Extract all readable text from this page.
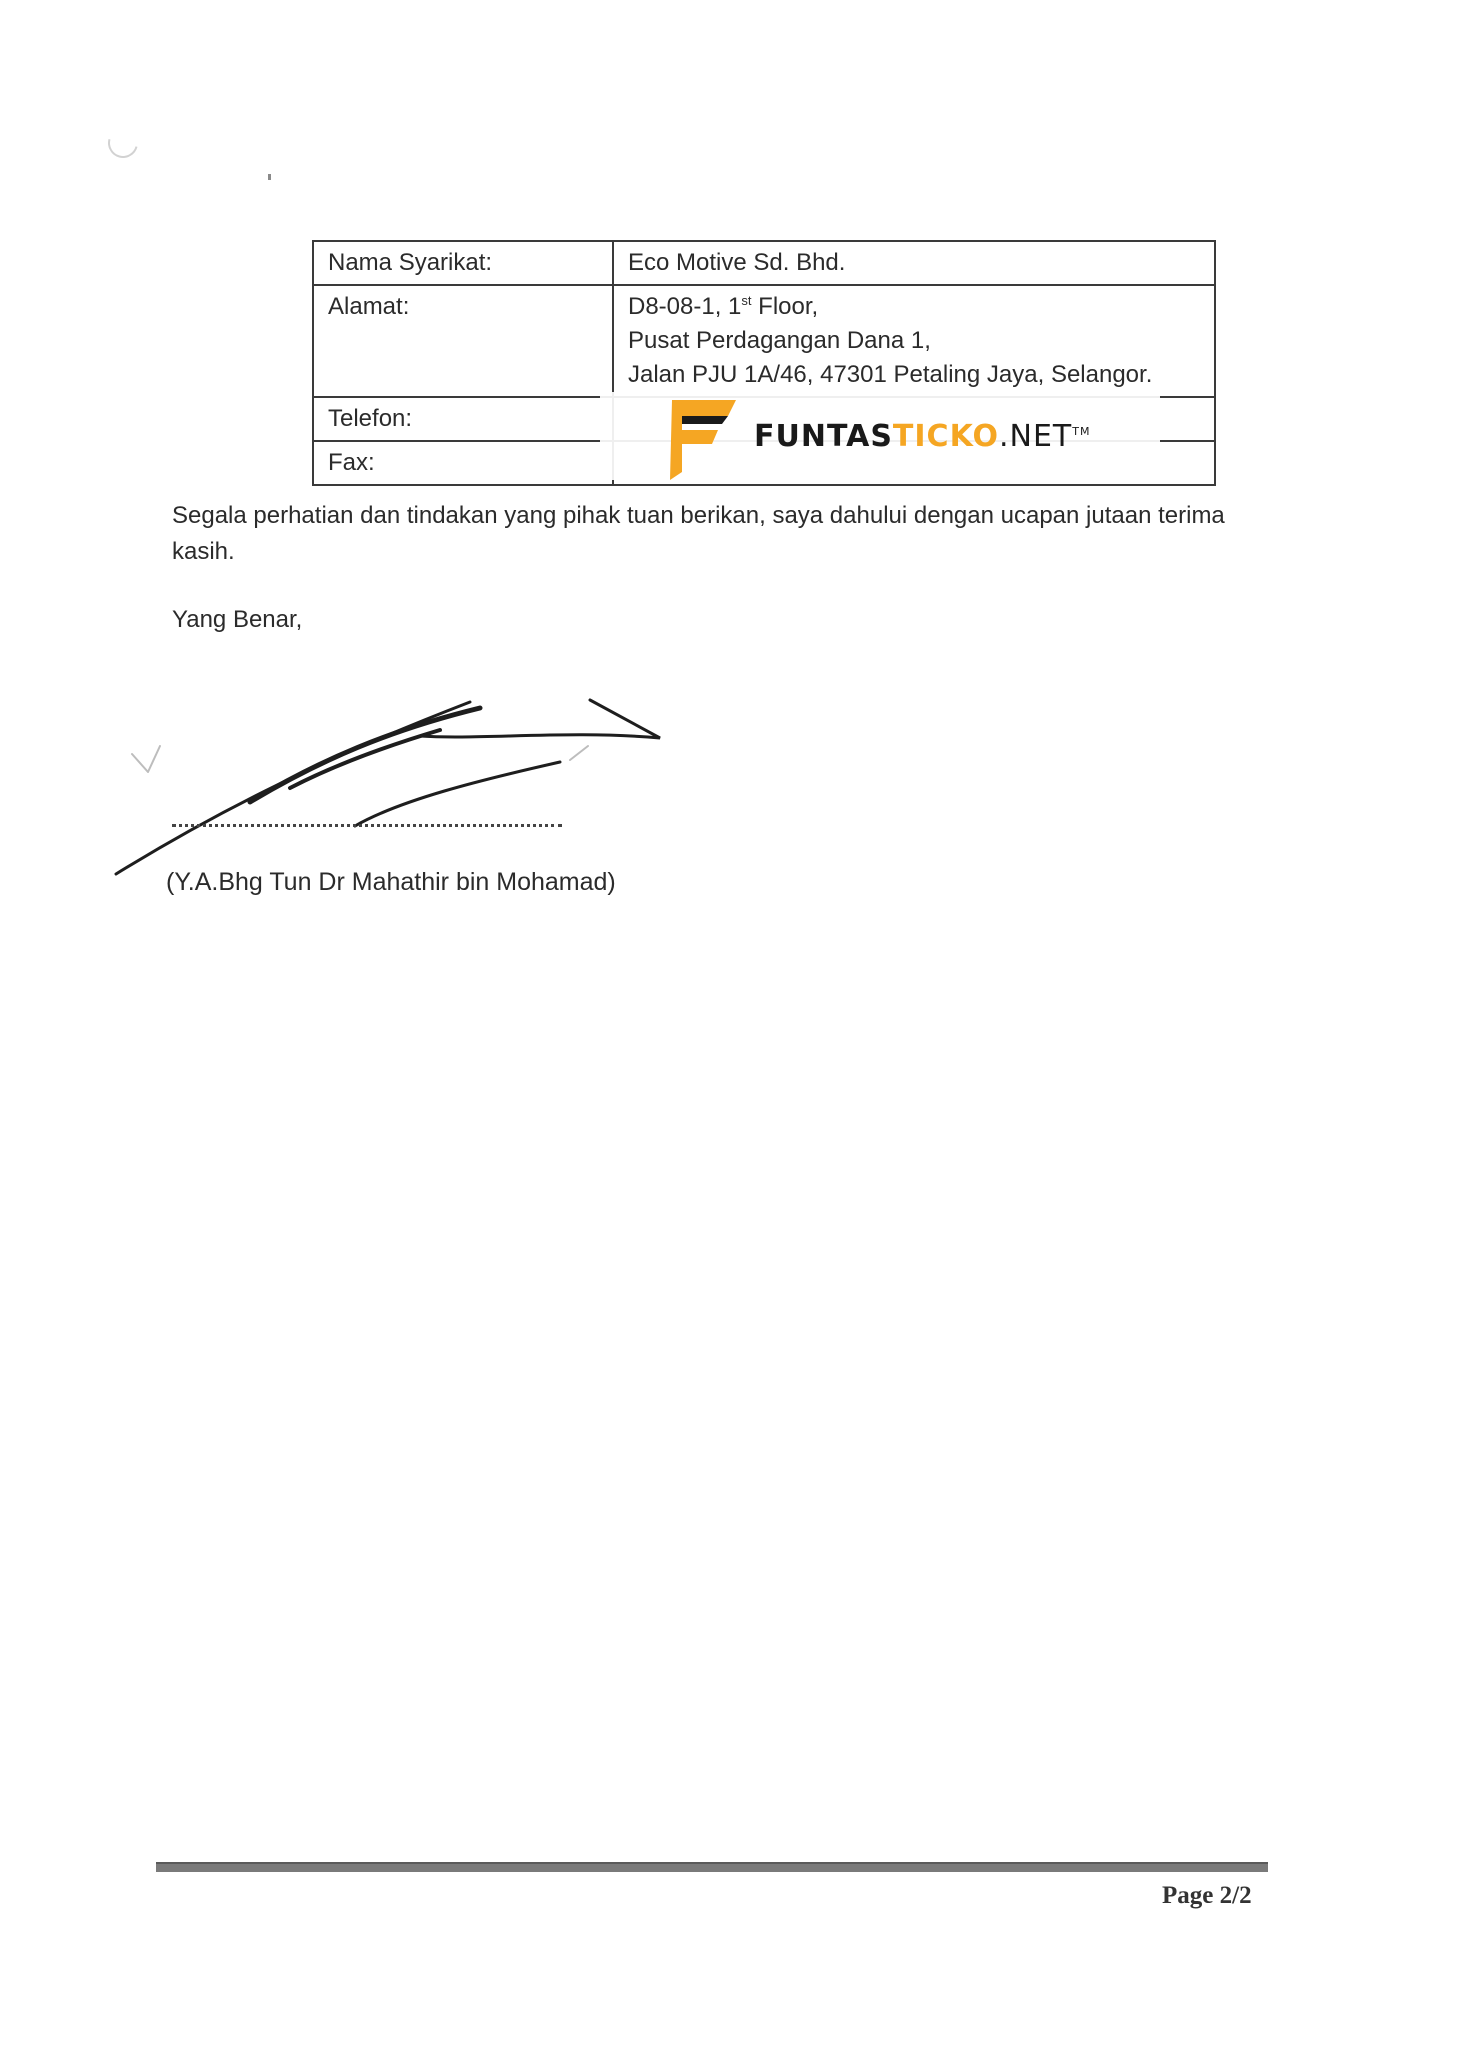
Nama Syarikat:	Eco Motive Sd. Bhd.
Alamat:	D8-08-1, 1st Floor,
Pusat Perdagangan Dana 1,
Jalan PJU 1A/46, 47301 Petaling Jaya, Selangor.

Telefon:	
Fax:	
FUNTASTICKO.NET™

Segala perhatian dan tindakan yang pihak tuan berikan, saya dahului dengan ucapan jutaan terima kasih.

Yang Benar,

(Y.A.Bhg Tun Dr Mahathir bin Mohamad)

Page 2/2
